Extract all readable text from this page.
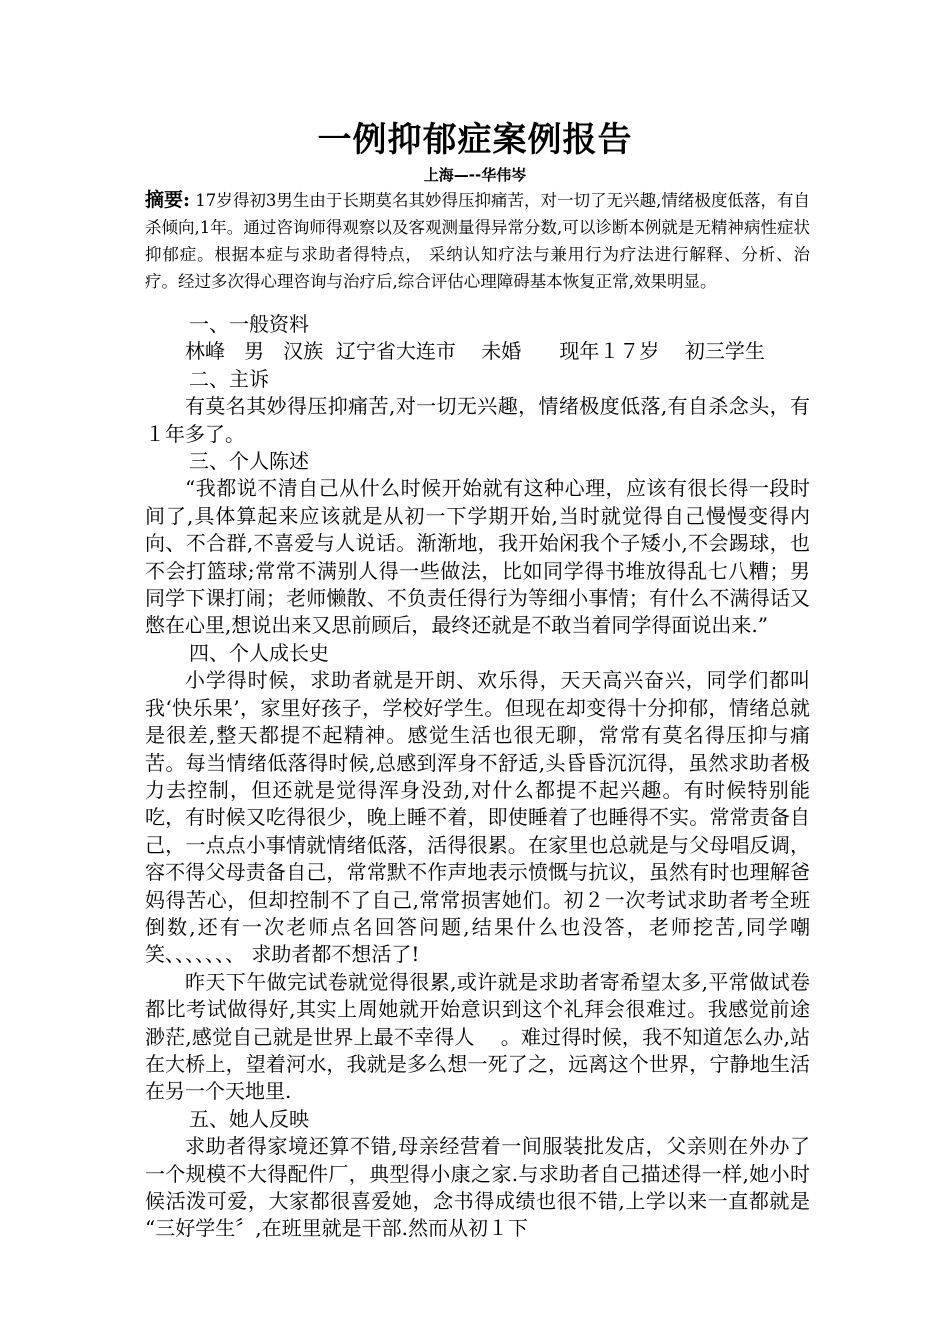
一例抑郁症案例报告
上海—--华伟岑
摘要: 17岁得初3男生由于长期莫名其妙得压抑痛苦，对一切了无兴趣,情绪极度低落，有自杀倾向,1年。通过咨询师得观察以及客观测量得异常分数,可以诊断本例就是无精神病性症状抑郁症。根据本症与求助者得特点， 采纳认知疗法与兼用行为疗法进行解释、分析、治疗。经过多次得心理咨询与治疗后,综合评估心理障碍基本恢复正常,效果明显。
一、一般资料

林峰   男   汉族  辽宁省大连市    未婚      现年１７岁    初三学生

二、主诉

有莫名其妙得压抑痛苦,对一切无兴趣，情绪极度低落,有自杀念头，有１年多了。

三、个人陈述

“我都说不清自己从什么时候开始就有这种心理，应该有很长得一段时间了,具体算起来应该就是从初一下学期开始,当时就觉得自己慢慢变得内向、不合群,不喜爱与人说话。渐渐地，我开始闲我个子矮小,不会踢球，也不会打篮球;常常不满别人得一些做法，比如同学得书堆放得乱七八糟；男同学下课打闹；老师懒散、不负责任得行为等细小事情；有什么不满得话又憋在心里,想说出来又思前顾后，最终还就是不敢当着同学得面说出来.”

四、个人成长史

小学得时候，求助者就是开朗、欢乐得，天天高兴奋兴，同学们都叫我‘快乐果’，家里好孩子，学校好学生。但现在却变得十分抑郁，情绪总就是很差,整天都提不起精神。感觉生活也很无聊，常常有莫名得压抑与痛苦。每当情绪低落得时候,总感到浑身不舒适,头昏昏沉沉得，虽然求助者极力去控制，但还就是觉得浑身没劲,对什么都提不起兴趣。有时候特别能吃，有时候又吃得很少，晚上睡不着，即使睡着了也睡得不实。常常责备自己，一点点小事情就情绪低落，活得很累。在家里也总就是与父母唱反调，容不得父母责备自己，常常默不作声地表示愤慨与抗议，虽然有时也理解爸妈得苦心，但却控制不了自己,常常损害她们。初２一次考试求助者考全班倒数,还有一次老师点名回答问题,结果什么也没答，老师挖苦,同学嘲笑、、、、、、、 求助者都不想活了!

昨天下午做完试卷就觉得很累,或许就是求助者寄希望太多,平常做试卷都比考试做得好,其实上周她就开始意识到这个礼拜会很难过。我感觉前途渺茫,感觉自己就是世界上最不幸得人    。难过得时候，我不知道怎么办,站在大桥上，望着河水，我就是多么想一死了之，远离这个世界，宁静地生活在另一个天地里.

五、她人反映

求助者得家境还算不错,母亲经营着一间服装批发店，父亲则在外办了一个规模不大得配件厂，典型得小康之家.与求助者自己描述得一样,她小时候活泼可爱，大家都很喜爱她，念书得成绩也很不错,上学以来一直都就是 “三好学生〞,在班里就是干部.然而从初１下
